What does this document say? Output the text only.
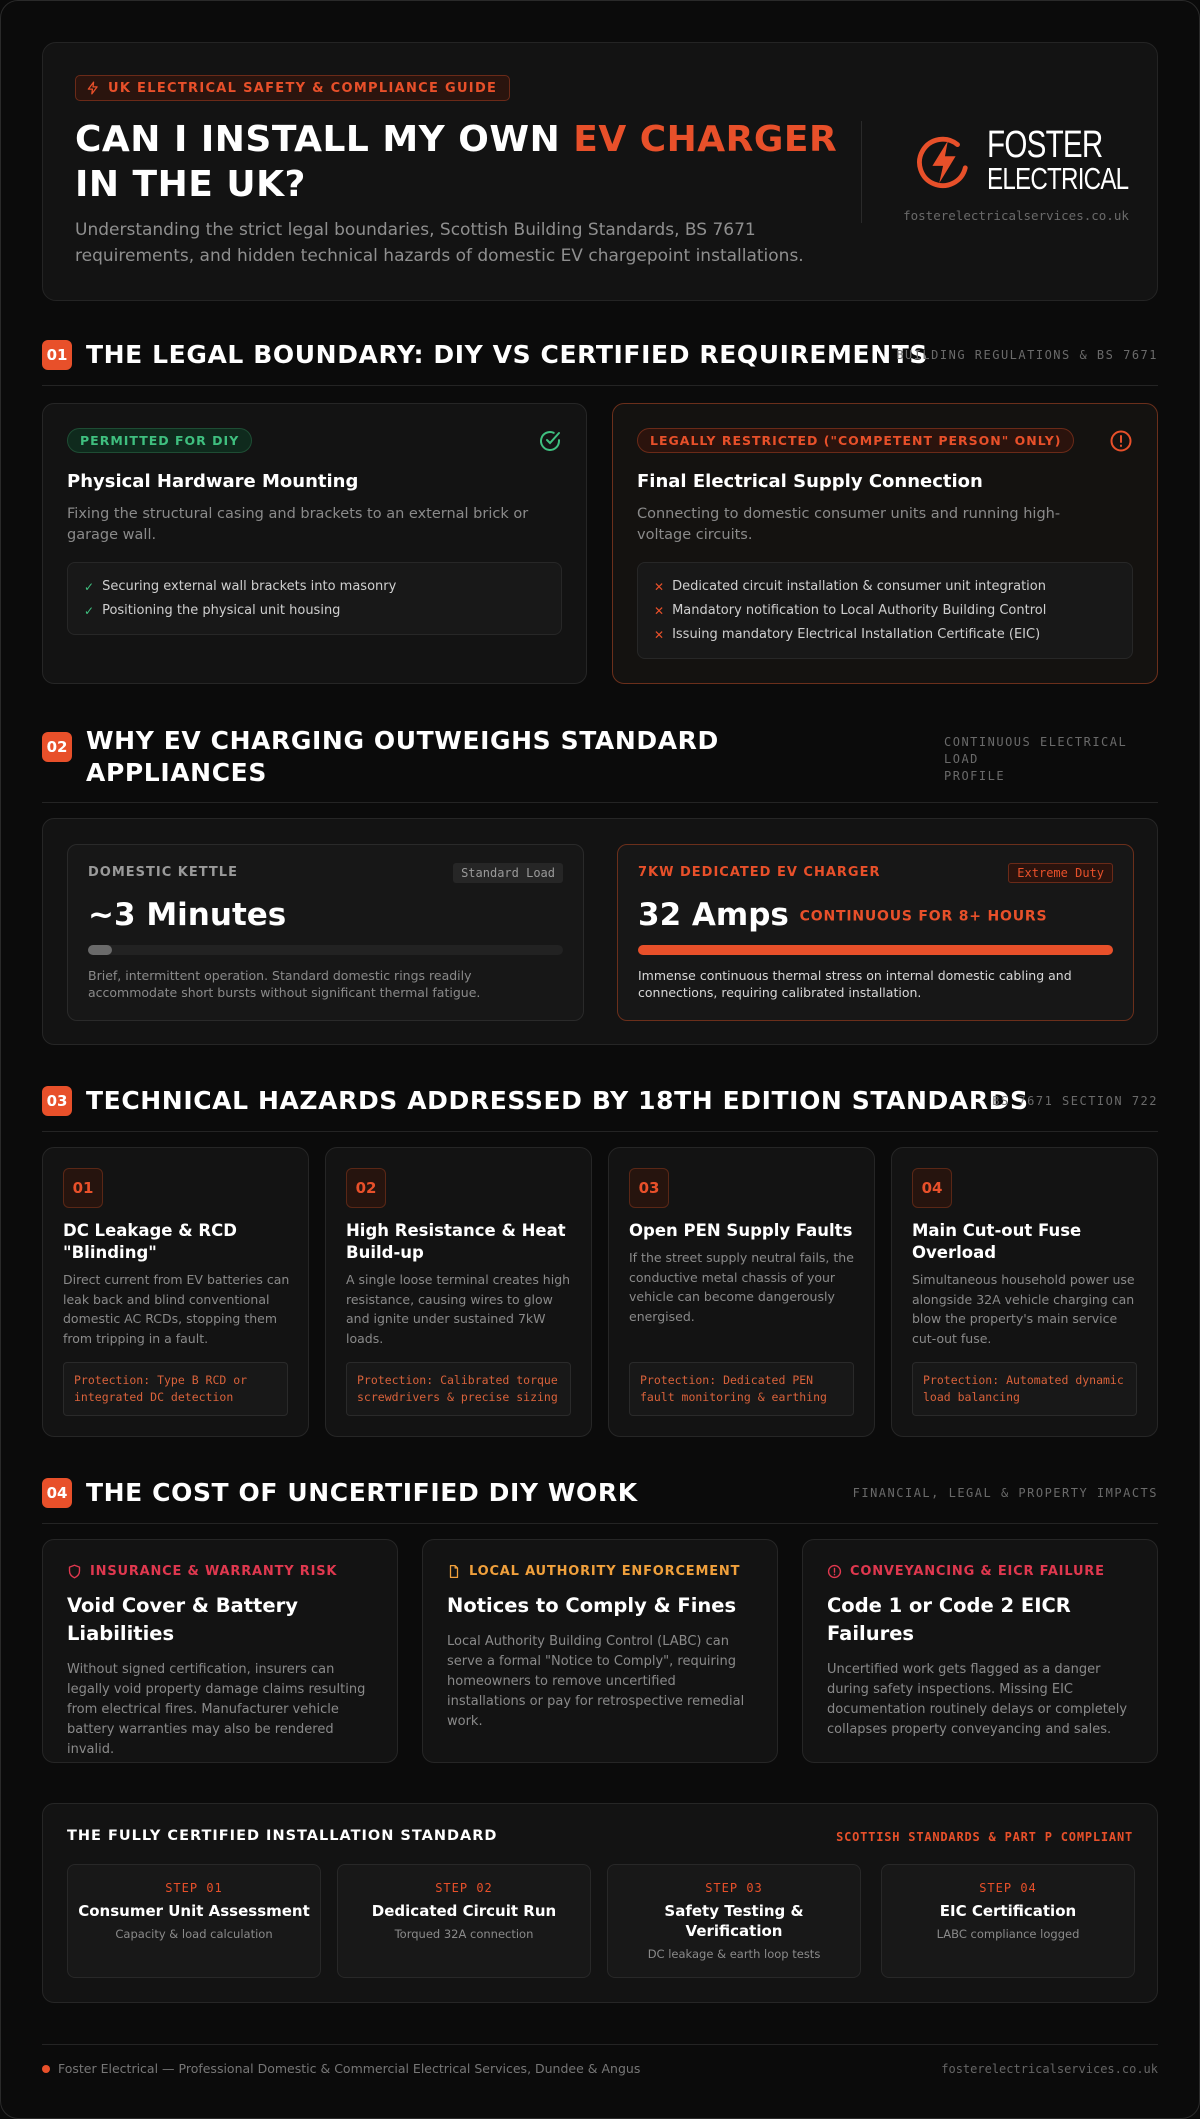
UK ELECTRICAL SAFETY & COMPLIANCE GUIDE
CAN I INSTALL MY OWN EV CHARGER
IN THE UK?
Understanding the strict legal boundaries, Scottish Building Standards, BS 7671 requirements, and hidden technical hazards of domestic EV chargepoint installations.
FOSTER
ELECTRICAL
fosterelectricalservices.co.uk
01 THE LEGAL BOUNDARY: DIY VS CERTIFIED REQUIREMENTS
BUILDING REGULATIONS & BS 7671
PERMITTED FOR DIY
Physical Hardware Mounting
Fixing the structural casing and brackets to an external brick or garage wall.
✓ Securing external wall brackets into masonry
✓ Positioning the physical unit housing
LEGALLY RESTRICTED ("COMPETENT PERSON" ONLY)
Final Electrical Supply Connection
Connecting to domestic consumer units and running high-voltage circuits.
✕ Dedicated circuit installation & consumer unit integration
✕ Mandatory notification to Local Authority Building Control
✕ Issuing mandatory Electrical Installation Certificate (EIC)
02 WHY EV CHARGING OUTWEIGHS STANDARD
APPLIANCES
CONTINUOUS ELECTRICAL LOAD
PROFILE
DOMESTIC KETTLE	Standard Load
~3 Minutes
Brief, intermittent operation. Standard domestic rings readily accommodate short bursts without significant thermal fatigue.
7KW DEDICATED EV CHARGER	Extreme Duty
32 Amps CONTINUOUS FOR 8+ HOURS
Immense continuous thermal stress on internal domestic cabling and connections, requiring calibrated installation.
03 TECHNICAL HAZARDS ADDRESSED BY 18TH EDITION STANDARDS
BS 7671 SECTION 722
01
DC Leakage & RCD "Blinding"
Direct current from EV batteries can leak back and blind conventional domestic AC RCDs, stopping them from tripping in a fault.
Protection: Type B RCD or integrated DC detection
02
High Resistance & Heat Build-up
A single loose terminal creates high resistance, causing wires to glow and ignite under sustained 7kW loads.
Protection: Calibrated torque screwdrivers & precise sizing
03
Open PEN Supply Faults
If the street supply neutral fails, the conductive metal chassis of your vehicle can become dangerously energised.
Protection: Dedicated PEN fault monitoring & earthing
04
Main Cut-out Fuse Overload
Simultaneous household power use alongside 32A vehicle charging can blow the property's main service cut-out fuse.
Protection: Automated dynamic load balancing
04 THE COST OF UNCERTIFIED DIY WORK	FINANCIAL, LEGAL & PROPERTY IMPACTS
INSURANCE & WARRANTY RISK
Void Cover & Battery Liabilities
Without signed certification, insurers can legally void property damage claims resulting from electrical fires. Manufacturer vehicle battery warranties may also be rendered invalid.
LOCAL AUTHORITY ENFORCEMENT
Notices to Comply & Fines
Local Authority Building Control (LABC) can serve a formal "Notice to Comply", requiring homeowners to remove uncertified installations or pay for retrospective remedial work.
CONVEYANCING & EICR FAILURE
Code 1 or Code 2 EICR Failures
Uncertified work gets flagged as a danger during safety inspections. Missing EIC documentation routinely delays or completely collapses property conveyancing and sales.
THE FULLY CERTIFIED INSTALLATION STANDARD	SCOTTISH STANDARDS & PART P COMPLIANT
STEP 01
Consumer Unit Assessment
Capacity & load calculation
STEP 02
Dedicated Circuit Run
Torqued 32A connection
STEP 03
Safety Testing & Verification
DC leakage & earth loop tests
STEP 04
EIC Certification
LABC compliance logged
Foster Electrical — Professional Domestic & Commercial Electrical Services, Dundee & Angus	fosterelectricalservices.co.uk
